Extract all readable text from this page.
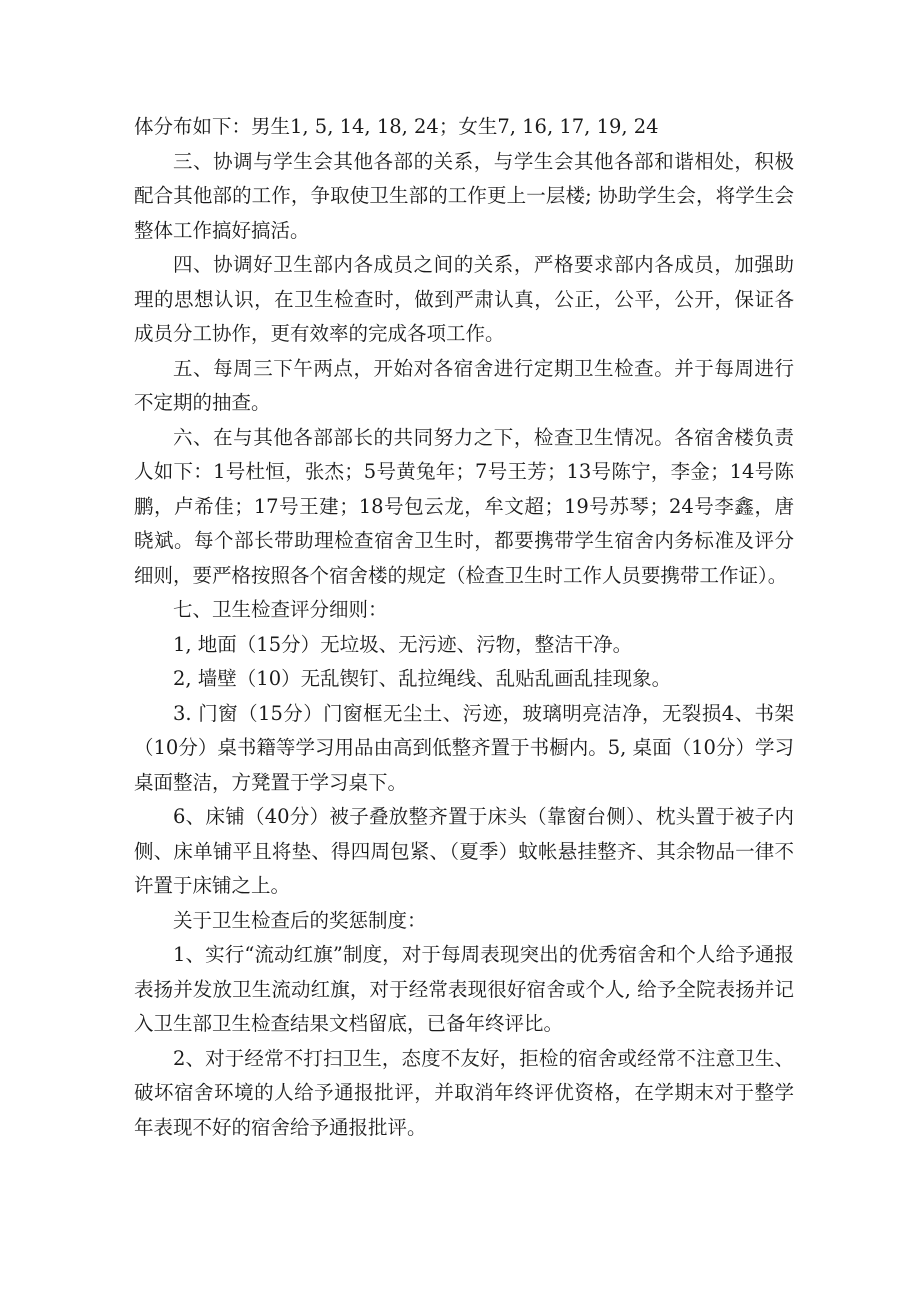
体分布如下：男生1, 5, 14, 18, 24；女生7, 16, 17, 19, 24

三、协调与学生会其他各部的关系，与学生会其他各部和谐相处，积极配合其他部的工作，争取使卫生部的工作更上一层楼; 协助学生会，将学生会整体工作搞好搞活。

四、协调好卫生部内各成员之间的关系，严格要求部内各成员，加强助理的思想认识，在卫生检查时，做到严肃认真，公正，公平，公开，保证各成员分工协作，更有效率的完成各项工作。

五、每周三下午两点，开始对各宿舍进行定期卫生检查。并于每周进行不定期的抽查。

六、在与其他各部部长的共同努力之下，检查卫生情况。各宿舍楼负责人如下：1号杜恒，张杰；5号黄兔年；7号王芳；13号陈宁，李金；14号陈鹏，卢希佳；17号王建；18号包云龙，牟文超；19号苏琴；24号李鑫，唐晓斌。每个部长带助理检查宿舍卫生时，都要携带学生宿舍内务标准及评分细则，要严格按照各个宿舍楼的规定（检查卫生时工作人员要携带工作证）。

七、卫生检查评分细则：

1, 地面（15分）无垃圾、无污迹、污物，整洁干净。

2, 墙壁（10）无乱锲钉、乱拉绳线、乱贴乱画乱挂现象。

3. 门窗（15分）门窗框无尘土、污迹，玻璃明亮洁净，无裂损4、书架（10分）桌书籍等学习用品由高到低整齐置于书橱内。5, 桌面（10分）学习桌面整洁，方凳置于学习桌下。

6、床铺（40分）被子叠放整齐置于床头（靠窗台侧）、枕头置于被子内侧、床单铺平且将垫、得四周包紧、（夏季）蚊帐悬挂整齐、其余物品一律不许置于床铺之上。

关于卫生检查后的奖惩制度：

1、实行“流动红旗”制度，对于每周表现突出的优秀宿舍和个人给予通报表扬并发放卫生流动红旗，对于经常表现很好宿舍或个人, 给予全院表扬并记入卫生部卫生检查结果文档留底，已备年终评比。

2、对于经常不打扫卫生，态度不友好，拒检的宿舍或经常不注意卫生、破坏宿舍环境的人给予通报批评，并取消年终评优资格，在学期末对于整学年表现不好的宿舍给予通报批评。
